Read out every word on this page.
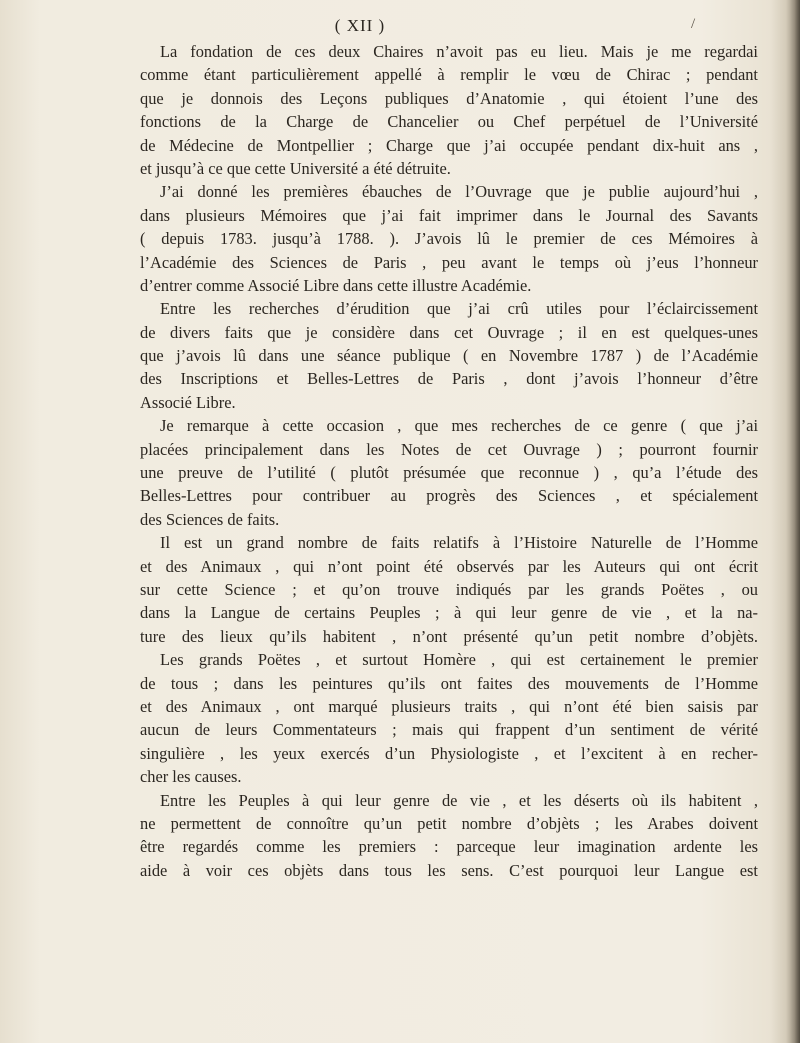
( XII )	/
La fondation de ces deux Chaires n’avoit pas eu lieu. Mais je me regardai
comme étant particulièrement appellé à remplir le vœu de Chirac ; pendant
que je donnois des Leçons publiques d’Anatomie , qui étoient l’une des
fonctions de la Charge de Chancelier ou Chef perpétuel de l’Université
de Médecine de Montpellier ; Charge que j’ai occupée pendant dix-huit ans ,
et jusqu’à ce que cette Université a été détruite.
J’ai donné les premières ébauches de l’Ouvrage que je publie aujourd’hui ,
dans plusieurs Mémoires que j’ai fait imprimer dans le Journal des Savants
( depuis 1783. jusqu’à 1788. ). J’avois lû le premier de ces Mémoires à
l’Académie des Sciences de Paris , peu avant le temps où j’eus l’honneur
d’entrer comme Associé Libre dans cette illustre Académie.
Entre les recherches d’érudition que j’ai crû utiles pour l’éclaircissement
de divers faits que je considère dans cet Ouvrage ; il en est quelques-unes
que j’avois lû dans une séance publique ( en Novembre 1787 ) de l’Académie
des Inscriptions et Belles-Lettres de Paris , dont j’avois l’honneur d’être
Associé Libre.
Je remarque à cette occasion , que mes recherches de ce genre ( que j’ai
placées principalement dans les Notes de cet Ouvrage ) ; pourront fournir
une preuve de l’utilité ( plutôt présumée que reconnue ) , qu’a l’étude des
Belles-Lettres pour contribuer au progrès des Sciences , et spécialement
des Sciences de faits.
Il est un grand nombre de faits relatifs à l’Histoire Naturelle de l’Homme
et des Animaux , qui n’ont point été observés par les Auteurs qui ont écrit
sur cette Science ; et qu’on trouve indiqués par les grands Poëtes , ou
dans la Langue de certains Peuples ; à qui leur genre de vie , et la na-
ture des lieux qu’ils habitent , n’ont présenté qu’un petit nombre d’objèts.
Les grands Poëtes , et surtout Homère , qui est certainement le premier
de tous ; dans les peintures qu’ils ont faites des mouvements de l’Homme
et des Animaux , ont marqué plusieurs traits , qui n’ont été bien saisis par
aucun de leurs Commentateurs ; mais qui frappent d’un sentiment de vérité
singulière , les yeux exercés d’un Physiologiste , et l’excitent à en recher-
cher les causes.
Entre les Peuples à qui leur genre de vie , et les déserts où ils habitent ,
ne permettent de connoître qu’un petit nombre d’objèts ; les Arabes doivent
être regardés comme les premiers : parceque leur imagination ardente les
aide à voir ces objèts dans tous les sens. C’est pourquoi leur Langue est
